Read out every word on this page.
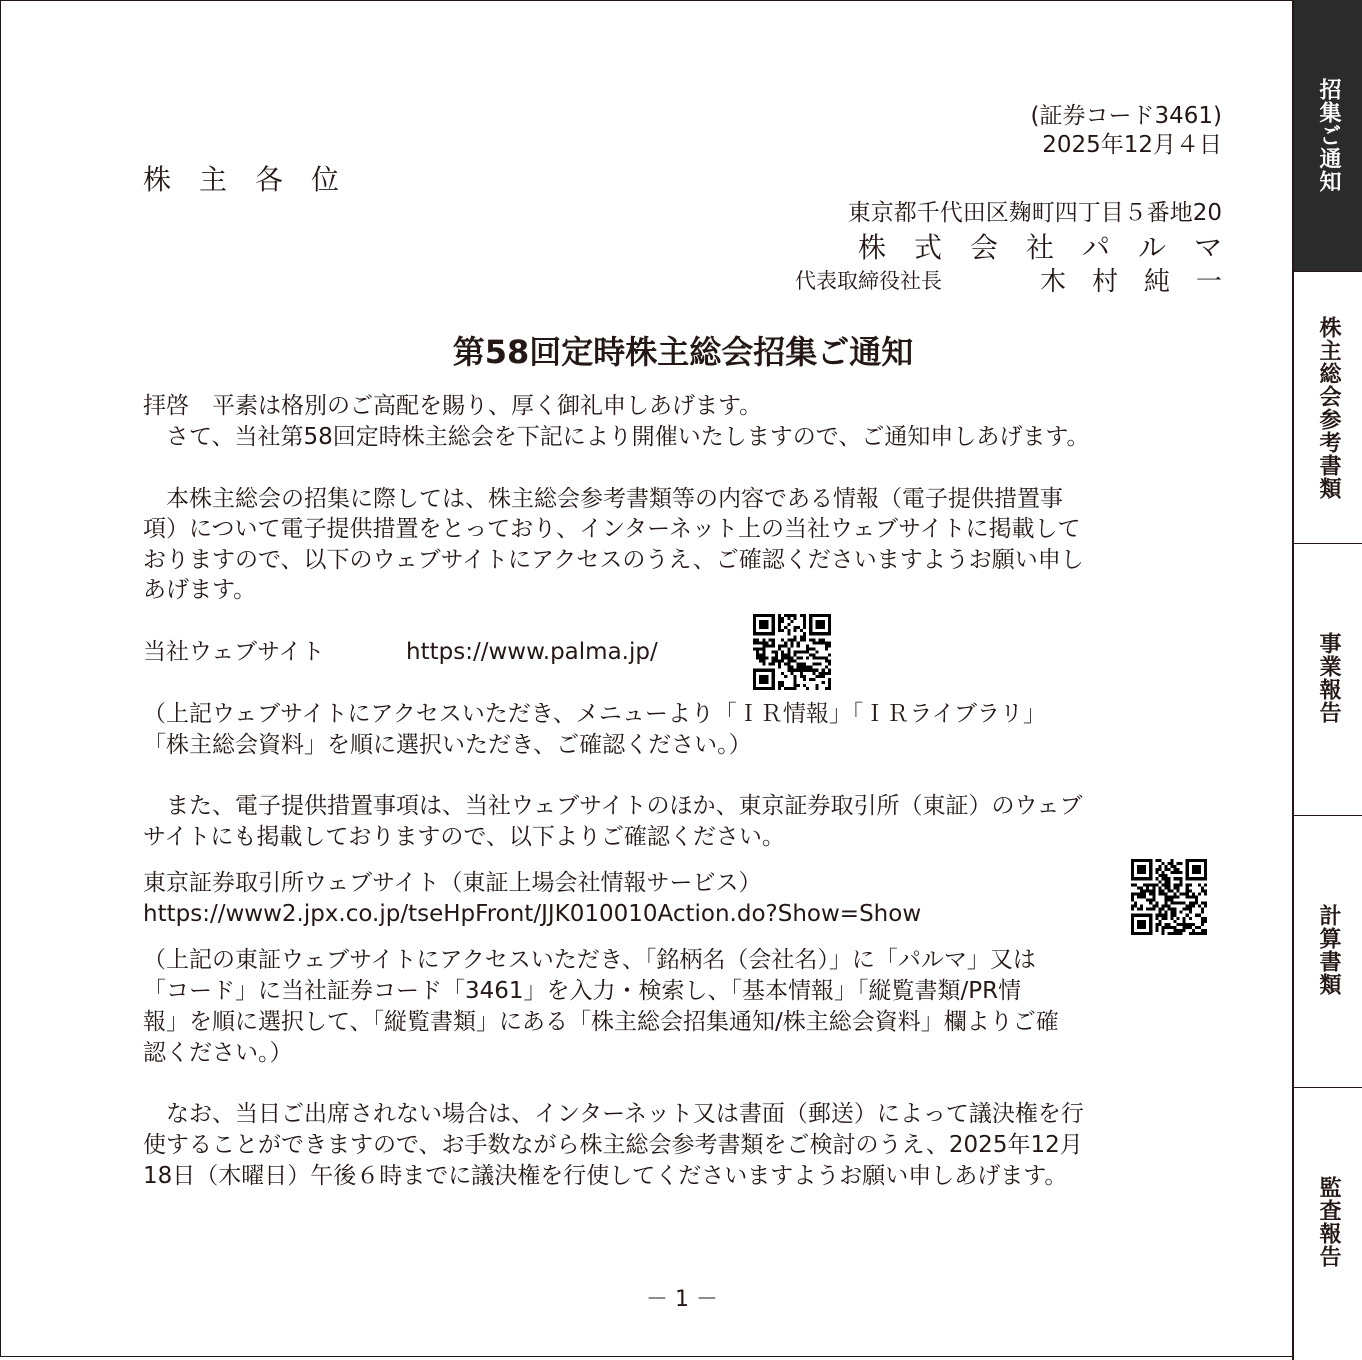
(証券コード3461)
2025年12月４日
株　主　各　位
東京都千代田区麹町四丁目５番地20
株　式　会　社　パ　ル　マ
代表取締役社長	木　村　純　一
第58回定時株主総会招集ご通知
拝啓　平素は格別のご高配を賜り、厚く御礼申しあげます。
　さて、当社第58回定時株主総会を下記により開催いたしますので、ご通知申しあげます。
　本株主総会の招集に際しては、株主総会参考書類等の内容である情報（電子提供措置事
項）について電子提供措置をとっており、インターネット上の当社ウェブサイトに掲載して
おりますので、以下のウェブサイトにアクセスのうえ、ご確認くださいますようお願い申し
あげます。
当社ウェブサイト	https://www.palma.jp/
（上記ウェブサイトにアクセスいただき、メニューより「ＩＲ情報」「ＩＲライブラリ」
「株主総会資料」を順に選択いただき、ご確認ください。）
　また、電子提供措置事項は、当社ウェブサイトのほか、東京証券取引所（東証）のウェブ
サイトにも掲載しておりますので、以下よりご確認ください。
東京証券取引所ウェブサイト（東証上場会社情報サービス）
https://www2.jpx.co.jp/tseHpFront/JJK010010Action.do?Show=Show
（上記の東証ウェブサイトにアクセスいただき、「銘柄名（会社名）」に「パルマ」又は
「コード」に当社証券コード「3461」を入力・検索し、「基本情報」「縦覧書類/PR情
報」を順に選択して、「縦覧書類」にある「株主総会招集通知/株主総会資料」欄よりご確
認ください。）
　なお、当日ご出席されない場合は、インターネット又は書面（郵送）によって議決権を行
使することができますので、お手数ながら株主総会参考書類をご検討のうえ、2025年12月
18日（木曜日）午後６時までに議決権を行使してくださいますようお願い申しあげます。
－ 1 －
招集ご通知
株主総会参考書類
事業報告
計算書類
監査報告
